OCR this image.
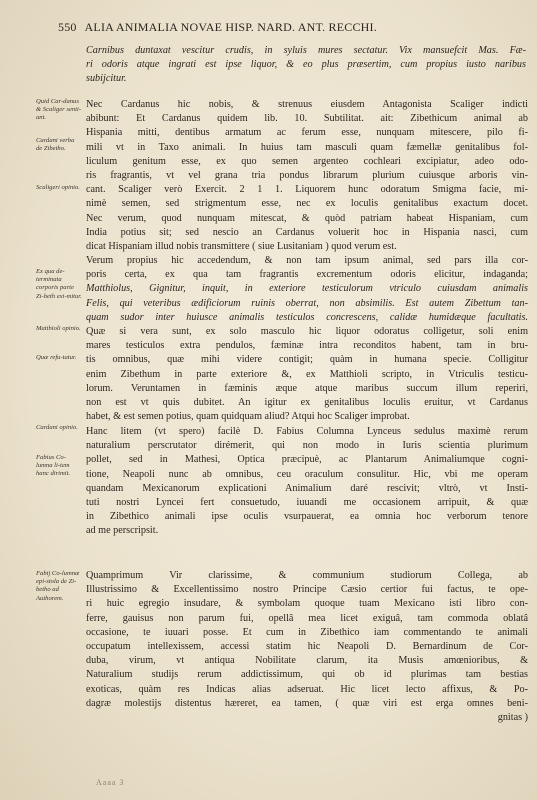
550 ALIA ANIMALIA NOVAE HISP. NARD. ANT. RECCHI.
Carnibus duntaxat vescitur crudis, in syluis mures sectatur. Vix mansuefcit Mas. Fæ-
ri odoris atque ingrati est ipse liquor, & eo plus præsertim, cum propius iusto naribus
subijcitur.
Quid Car-danus & Scaliger senti-ant.
Cardani verba de Zibetho.
Scaligeri opinio.
Ex qua de-terminata corporis parte Zi-beth exi-mitur.
Matthioli opinio.
Quæ refu-tatur.
Cardani opinio.
Fabius Co-lumna li-tem hanc dirimit.
Fabij Co-lumnæ epi-stola de Zi-betho ad Authorem.
Nec Cardanus hic nobis, & strenuus eiusdem Antagonista Scaliger indicti
abibunt: Et Cardanus quidem lib. 10. Subtilitat. ait: Zibethicum animal ab
Hispania mitti, dentibus armatum ac ferum esse, nunquam mitescere, pilo fi-
mili vt in Taxo animali. In huius tam masculi quam fæmellæ genitalibus fol-
liculum genitum esse, ex quo semen argenteo cochleari excipiatur, adeo odo-
ris fragrantis, vt vel grana tria pondus librarum plurium cuiusque arboris vin-
cant. Scaliger verò Exercit. 2 1 1. Liquorem hunc odoratum Smigma facie, mi-
nimè semen, sed strigmentum esse, nec ex loculis genitalibus exactum docet.
Nec verum, quod nunquam mitescat, & quòd patriam habeat Hispaniam, cum
India potius sit; sed nescio an Cardanus voluerit hoc in Hispania nasci, cum
dicat Hispaniam illud nobis transmittere ( siue Lusitaniam ) quod verum est.
Verum propius hic accedendum, & non tam ipsum animal, sed pars illa cor-
poris certa, ex qua tam fragrantis excrementum odoris elicitur, indaganda;
Matthiolus, Gignitur, inquit, in exteriore testiculorum vtriculo cuiusdam animalis
Felis, qui veteribus ædificiorum ruinis oberrat, non absimilis. Est autem Zibettum tan-
quam sudor inter huiusce animalis testiculos concrescens, calidæ humidæque facultatis.
Quæ si vera sunt, ex solo masculo hic liquor odoratus colligetur, soli enim
mares testiculos extra pendulos, fæminæ intra reconditos habent, tam in bru-
tis omnibus, quæ mihi videre contigit; quàm in humana specie. Colligitur
enim Zibethum in parte exteriore &, ex Matthioli scripto, in Vtriculis testicu-
lorum. Veruntamen in fæminis æque atque maribus succum illum reperiri,
non est vt quis dubitet. An igitur ex genitalibus loculis eruitur, vt Cardanus
habet, & est semen potius, quam quidquam aliud? Atqui hoc Scaliger improbat.
Hanc litem (vt spero) facilè D. Fabius Columna Lynceus sedulus maximè rerum
naturalium perscrutator dirémerit, qui non modo in Iuris scientia plurimum
pollet, sed in Mathesi, Optica præcipuè, ac Plantarum Animaliumque cogni-
tione, Neapoli nunc ab omnibus, ceu oraculum consulitur. Hic, vbi me operam
quandam Mexicanorum explicationi Animalium daré rescivit; vltrò, vt Insti-
tuti nostri Lyncei fert consuetudo, iuuandi me occasionem arripuit, & quæ
in Zibethico animali ipse oculis vsurpauerat, ea omnia hoc verborum tenore
ad me perscripsit.
Quamprimum Vir clarissime, & communium studiorum Collega, ab
Illustrissimo & Excellentissimo nostro Principe Cæsio certior fui factus, te ope-
ri huic egregio insudare, & symbolam quoque tuam Mexicano isti libro con-
ferre, gauisus non parum fui, opellâ mea licet exiguâ, tam commoda oblatâ
occasione, te iuuari posse. Et cum in Zibethico iam commentando te animali
occupatum intellexissem, accessi statim hic Neapoli D. Bernardinum de Cor-
duba, virum, vt antiqua Nobilitate clarum, ita Musis amœnioribus, &
Naturalium studijs rerum addictissimum, qui ob id plurimas tam bestias
exoticas, quàm res Indicas alias adseruat. Hic licet lecto affixus, & Po-
dagræ molestijs distentus hæreret, ea tamen, ( quæ viri est erga omnes beni-
gnitas )
Aaaa 3
